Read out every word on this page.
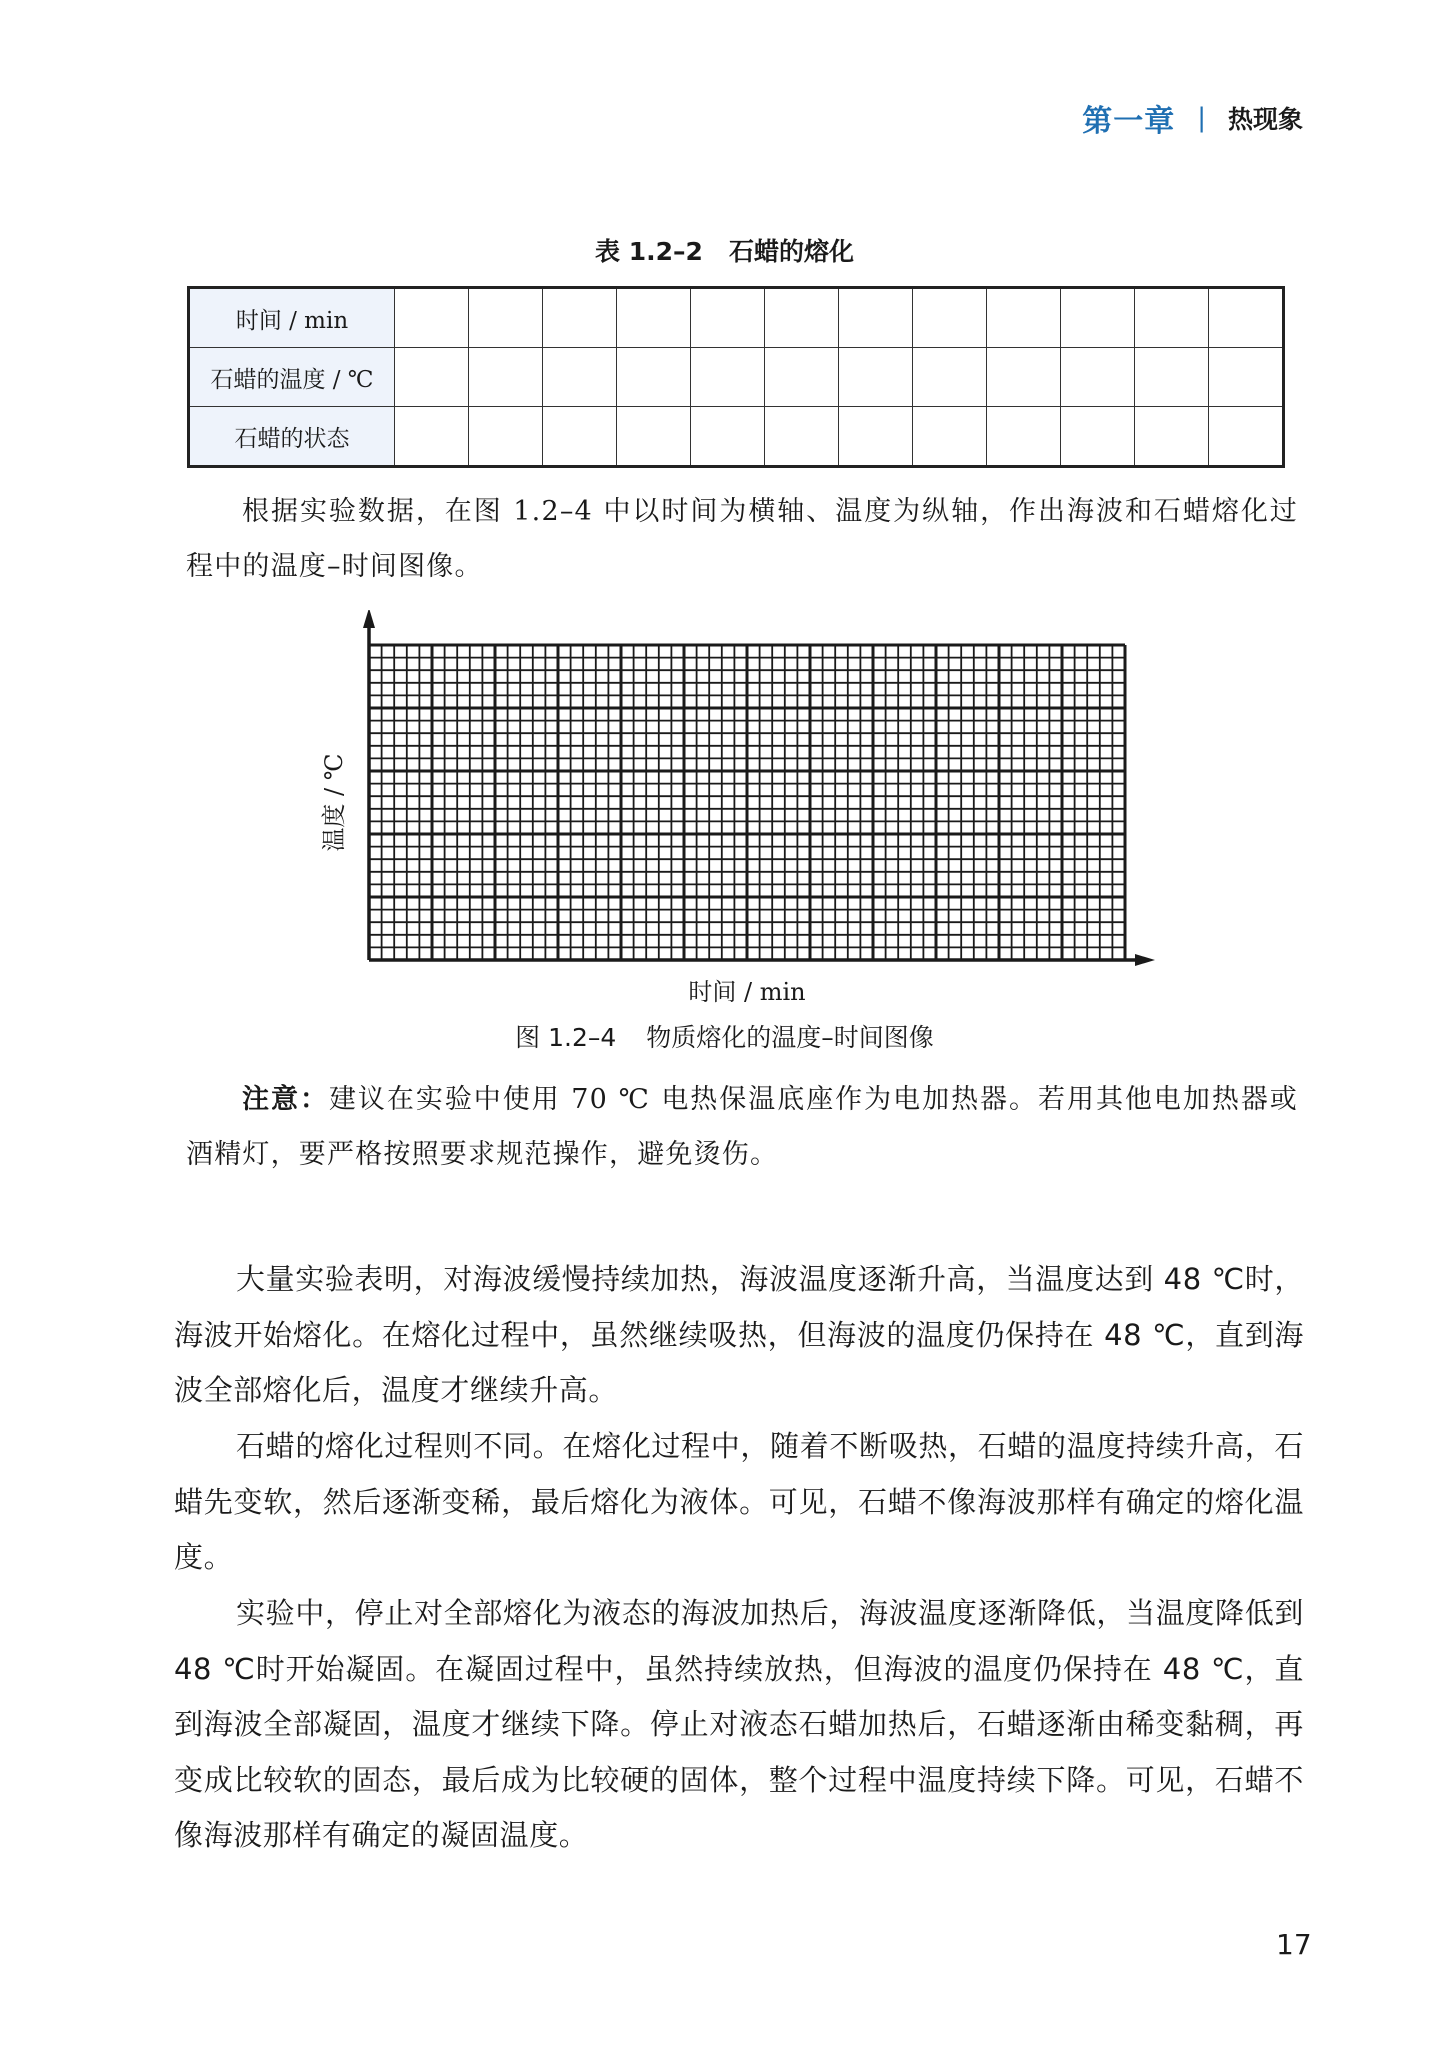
第一章 | 热现象
表 1.2–2 石蜡的熔化
时间 / min												
石蜡的温度 / ℃												
石蜡的状态												
根据实验数据，在图 1.2–4 中以时间为横轴、温度为纵轴，作出海波和石蜡熔化过程中的温度–时间图像。
温度 / ℃
时间 / min
图 1.2–4 物质熔化的温度–时间图像
注意：建议在实验中使用 70 ℃ 电热保温底座作为电加热器。若用其他电加热器或酒精灯，要严格按照要求规范操作，避免烫伤。
大量实验表明，对海波缓慢持续加热，海波温度逐渐升高，当温度达到 48 ℃时，海波开始熔化。在熔化过程中，虽然继续吸热，但海波的温度仍保持在 48 ℃，直到海波全部熔化后，温度才继续升高。
石蜡的熔化过程则不同。在熔化过程中，随着不断吸热，石蜡的温度持续升高，石蜡先变软，然后逐渐变稀，最后熔化为液体。可见，石蜡不像海波那样有确定的熔化温度。
实验中，停止对全部熔化为液态的海波加热后，海波温度逐渐降低，当温度降低到 48 ℃时开始凝固。在凝固过程中，虽然持续放热，但海波的温度仍保持在 48 ℃，直到海波全部凝固，温度才继续下降。停止对液态石蜡加热后，石蜡逐渐由稀变黏稠，再变成比较软的固态，最后成为比较硬的固体，整个过程中温度持续下降。可见，石蜡不像海波那样有确定的凝固温度。
17
